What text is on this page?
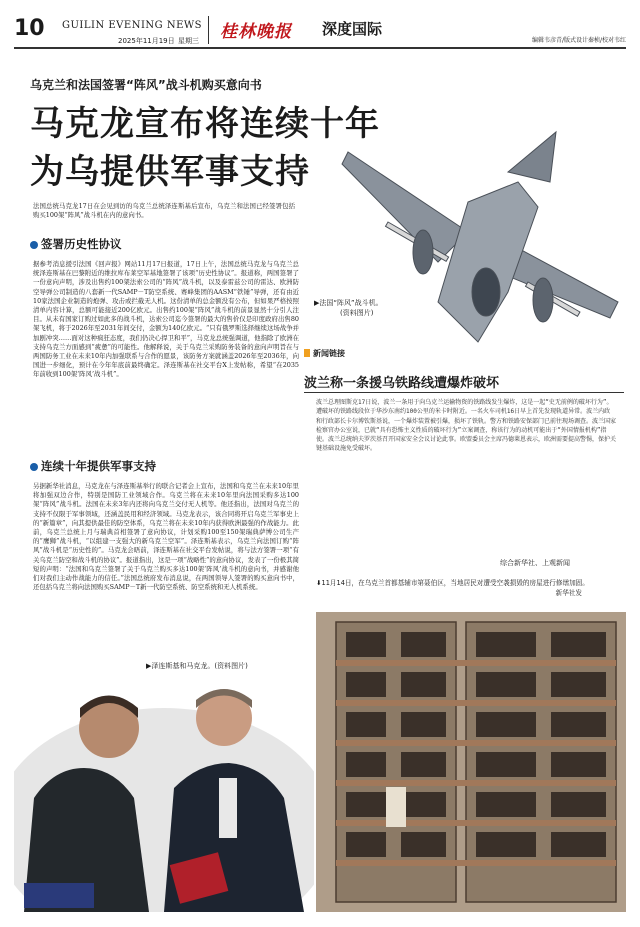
10 GUILIN EVENING NEWS
2025年11月19日 星期三 桂林晚报 深度国际
编辑韦彦青/版式设计秦桢/校对韦红
乌克兰和法国签署“阵风”战斗机购买意向书
马克龙宣布将连续十年
为乌提供军事支持
法国总统马克龙17日在会见到访的乌克兰总统泽连斯基后宣布，乌克兰和法国已经签署包括购买100架“阵风”战斗机在内的意向书。
签署历史性协议
据参考消息援引法国《回声报》网站11月17日报道，17日上午，法国总统马克龙与乌克兰总统泽连斯基在巴黎附近的维拉库布莱空军基地签署了该项“历史性协议”。报道称，两国签署了一份意向声明，涉及出售约100架法索公司的“阵风”战斗机，以及泰雷兹公司的雷达、欧洲防空导弹公司制造的八套新一代SAMP－T防空系统、赛峰集团的AASM“铁锤”导弹，还有由近10家法国企业制造的炮弹、攻击或拦截无人机。这份清单的总金额没有公布，但如果严格按照清单内容计算，总额可能接近200亿欧元。出售约100架“阵风”战斗机的前景显然十分引人注目。从未有国家订购过如此多的战斗机，达索公司迄今签署的最大的售价仅是印度政府出售80架飞机，将于2026年至2031年间交付，金额为140亿欧元。“只有俄罗斯选择继续这场战争并加剧冲突……面对这种疯狂态度，我们仍决心捍卫和平”，马克龙总统强调道，他指除了欧洲在支持乌克兰方面感到“疲惫”的可能性。他解释说，关于乌克兰采购防务装备的意向声明旨在与两国防务工业在未来10年内加强联系与合作的愿景，该防务方案就涵盖2026年至2036年，向国进一步细化，预计在今年年底前最终确定。泽连斯基在社交平台X上发帖称，希望“在2035年前收到100架‘阵风’战斗机”。
连续十年提供军事支持
另据新华社消息，马克龙在与泽连斯基举行的联合记者会上宣布，法国和乌克兰在未来10年里将加强双边合作，特别是国防工业领域合作。乌克兰将在未来10年里向法国采购多达100架“阵风”战斗机。法国在未来3年内还将向乌克兰交付无人机等。他还指出，法国对乌克兰的支持不仅限于军事领域，还涵盖民用和经济领域。马克龙表示，该合同将开启乌克兰军事史上的“新篇章”，向其提供最佳的防空体系，乌克兰将在未来10年内获得欧洲最强的作战能力。此前，乌克兰总统上月与瑞典首相签署了意向协议，计划采购100至150架瑞典萨博公司生产的“鹰狮”战斗机，“以组建一支强大的新乌克兰空军”。泽连斯基表示，乌克兰向法国订购“阵风”战斗机是“历史性的”。马克龙会晤前，泽连斯基在社交平台发帖说，将与法方签署一项“有关乌克兰防空和战斗机的协议”。报道指出，这是一项“战略性”的意向协议，发表了一份极其简短的声明：“法国和乌克兰签署了关于乌克兰购买多达100架‘阵风’战斗机的意向书，并感谢他们对我们主动作战能力的信任。”法国总统府发布消息说，在两国领导人签署的购买意向书中，还包括乌克兰将向法国购买SAMP－T新一代防空系统、防空系统和无人机系统。
▶法国“阵风”战斗机。
(资料图片)
新闻链接
波兰称一条援乌铁路线遭爆炸破坏
波兰总理图斯克17日说，波兰一条用于向乌克兰运输物资的铁路线发生爆炸，这是一起“史无前例的破坏行为”。遭破坏的铁路线段位于华沙东南约100公里的米卡时附近。一名火车司机16日早上首先发现轨道异常。波兰内政和行政部长卡尔博钦斯基说，一个爆炸装置被引爆，损坏了铁轨。警方和铁路安保部门已前往现场调查。波兰国家检察官办公室说，已就“具有恐怖主义性质的破坏行为”立案调查，称该行为的动机可能出于“外国情报机构”指使。波兰总统纳夫罗茨基召开国家安全会议讨论此事。欧盟委员会主席冯德莱恩表示，欧洲需要提高警惕，保护关键基础设施免受破坏。
综合新华社、上观新闻
⬇11月14日，在乌克兰首都基辅市第聂伯区，当地居民对遭受空袭损毁的房屋进行修缮加固。
新华社发
▶泽连斯基和马克龙。(资料图片)
